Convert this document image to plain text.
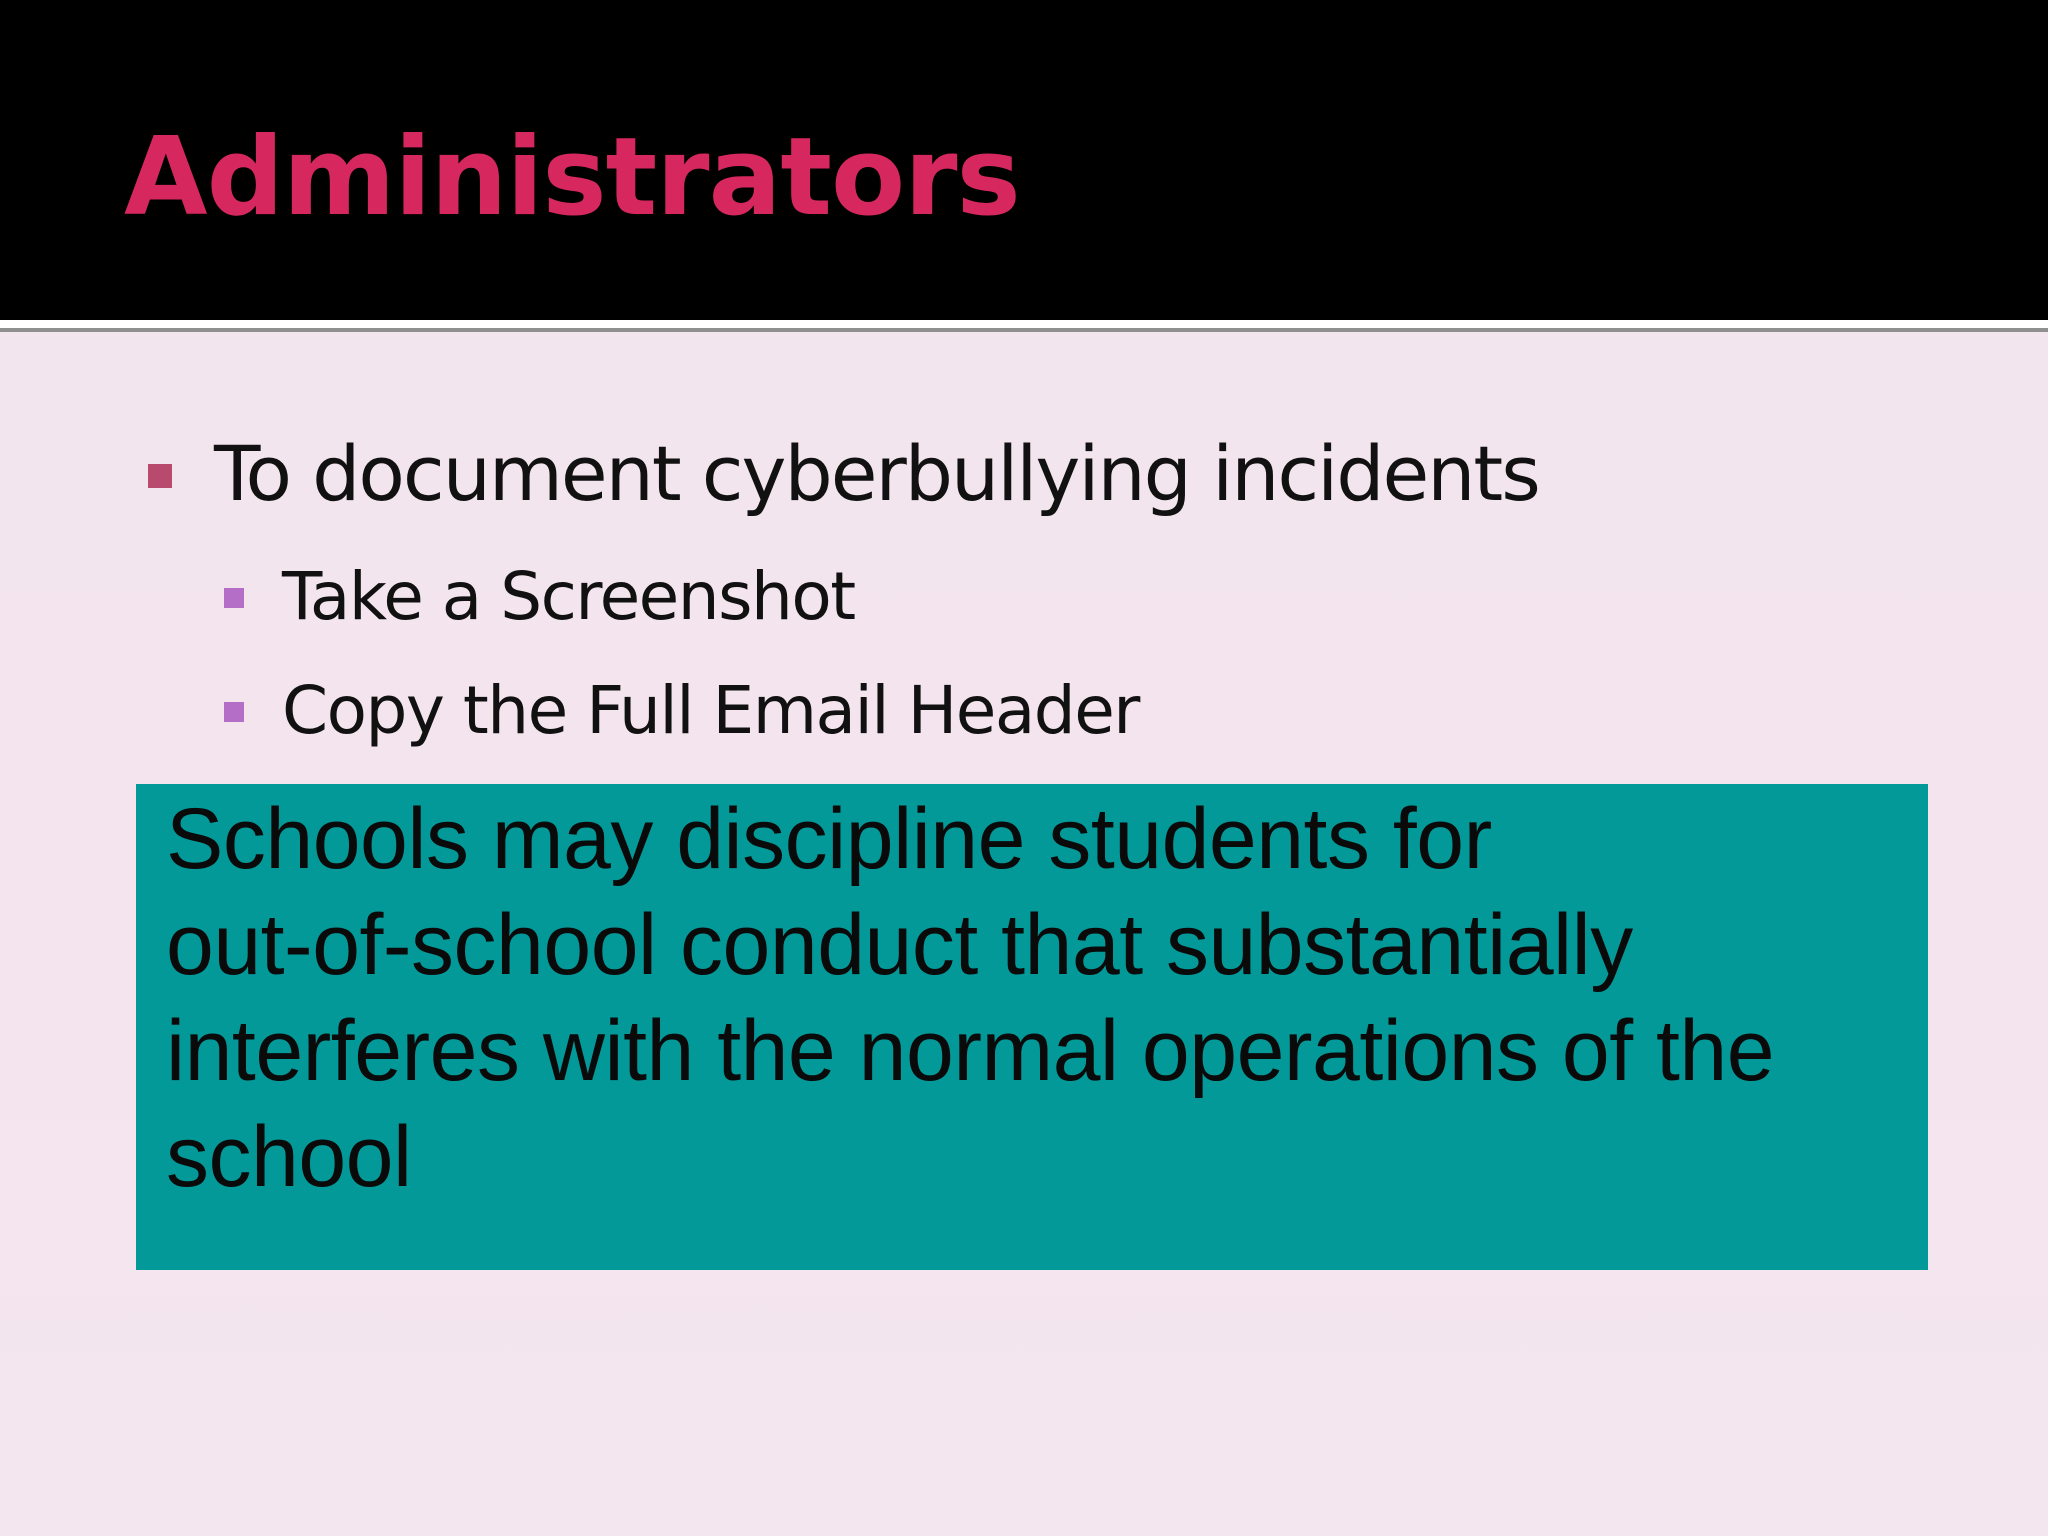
Administrators
To document cyberbullying incidents
Take a Screenshot
Copy the Full Email Header

Schools may discipline students for
out-of-school conduct that substantially
interferes with the normal operations of the
school
